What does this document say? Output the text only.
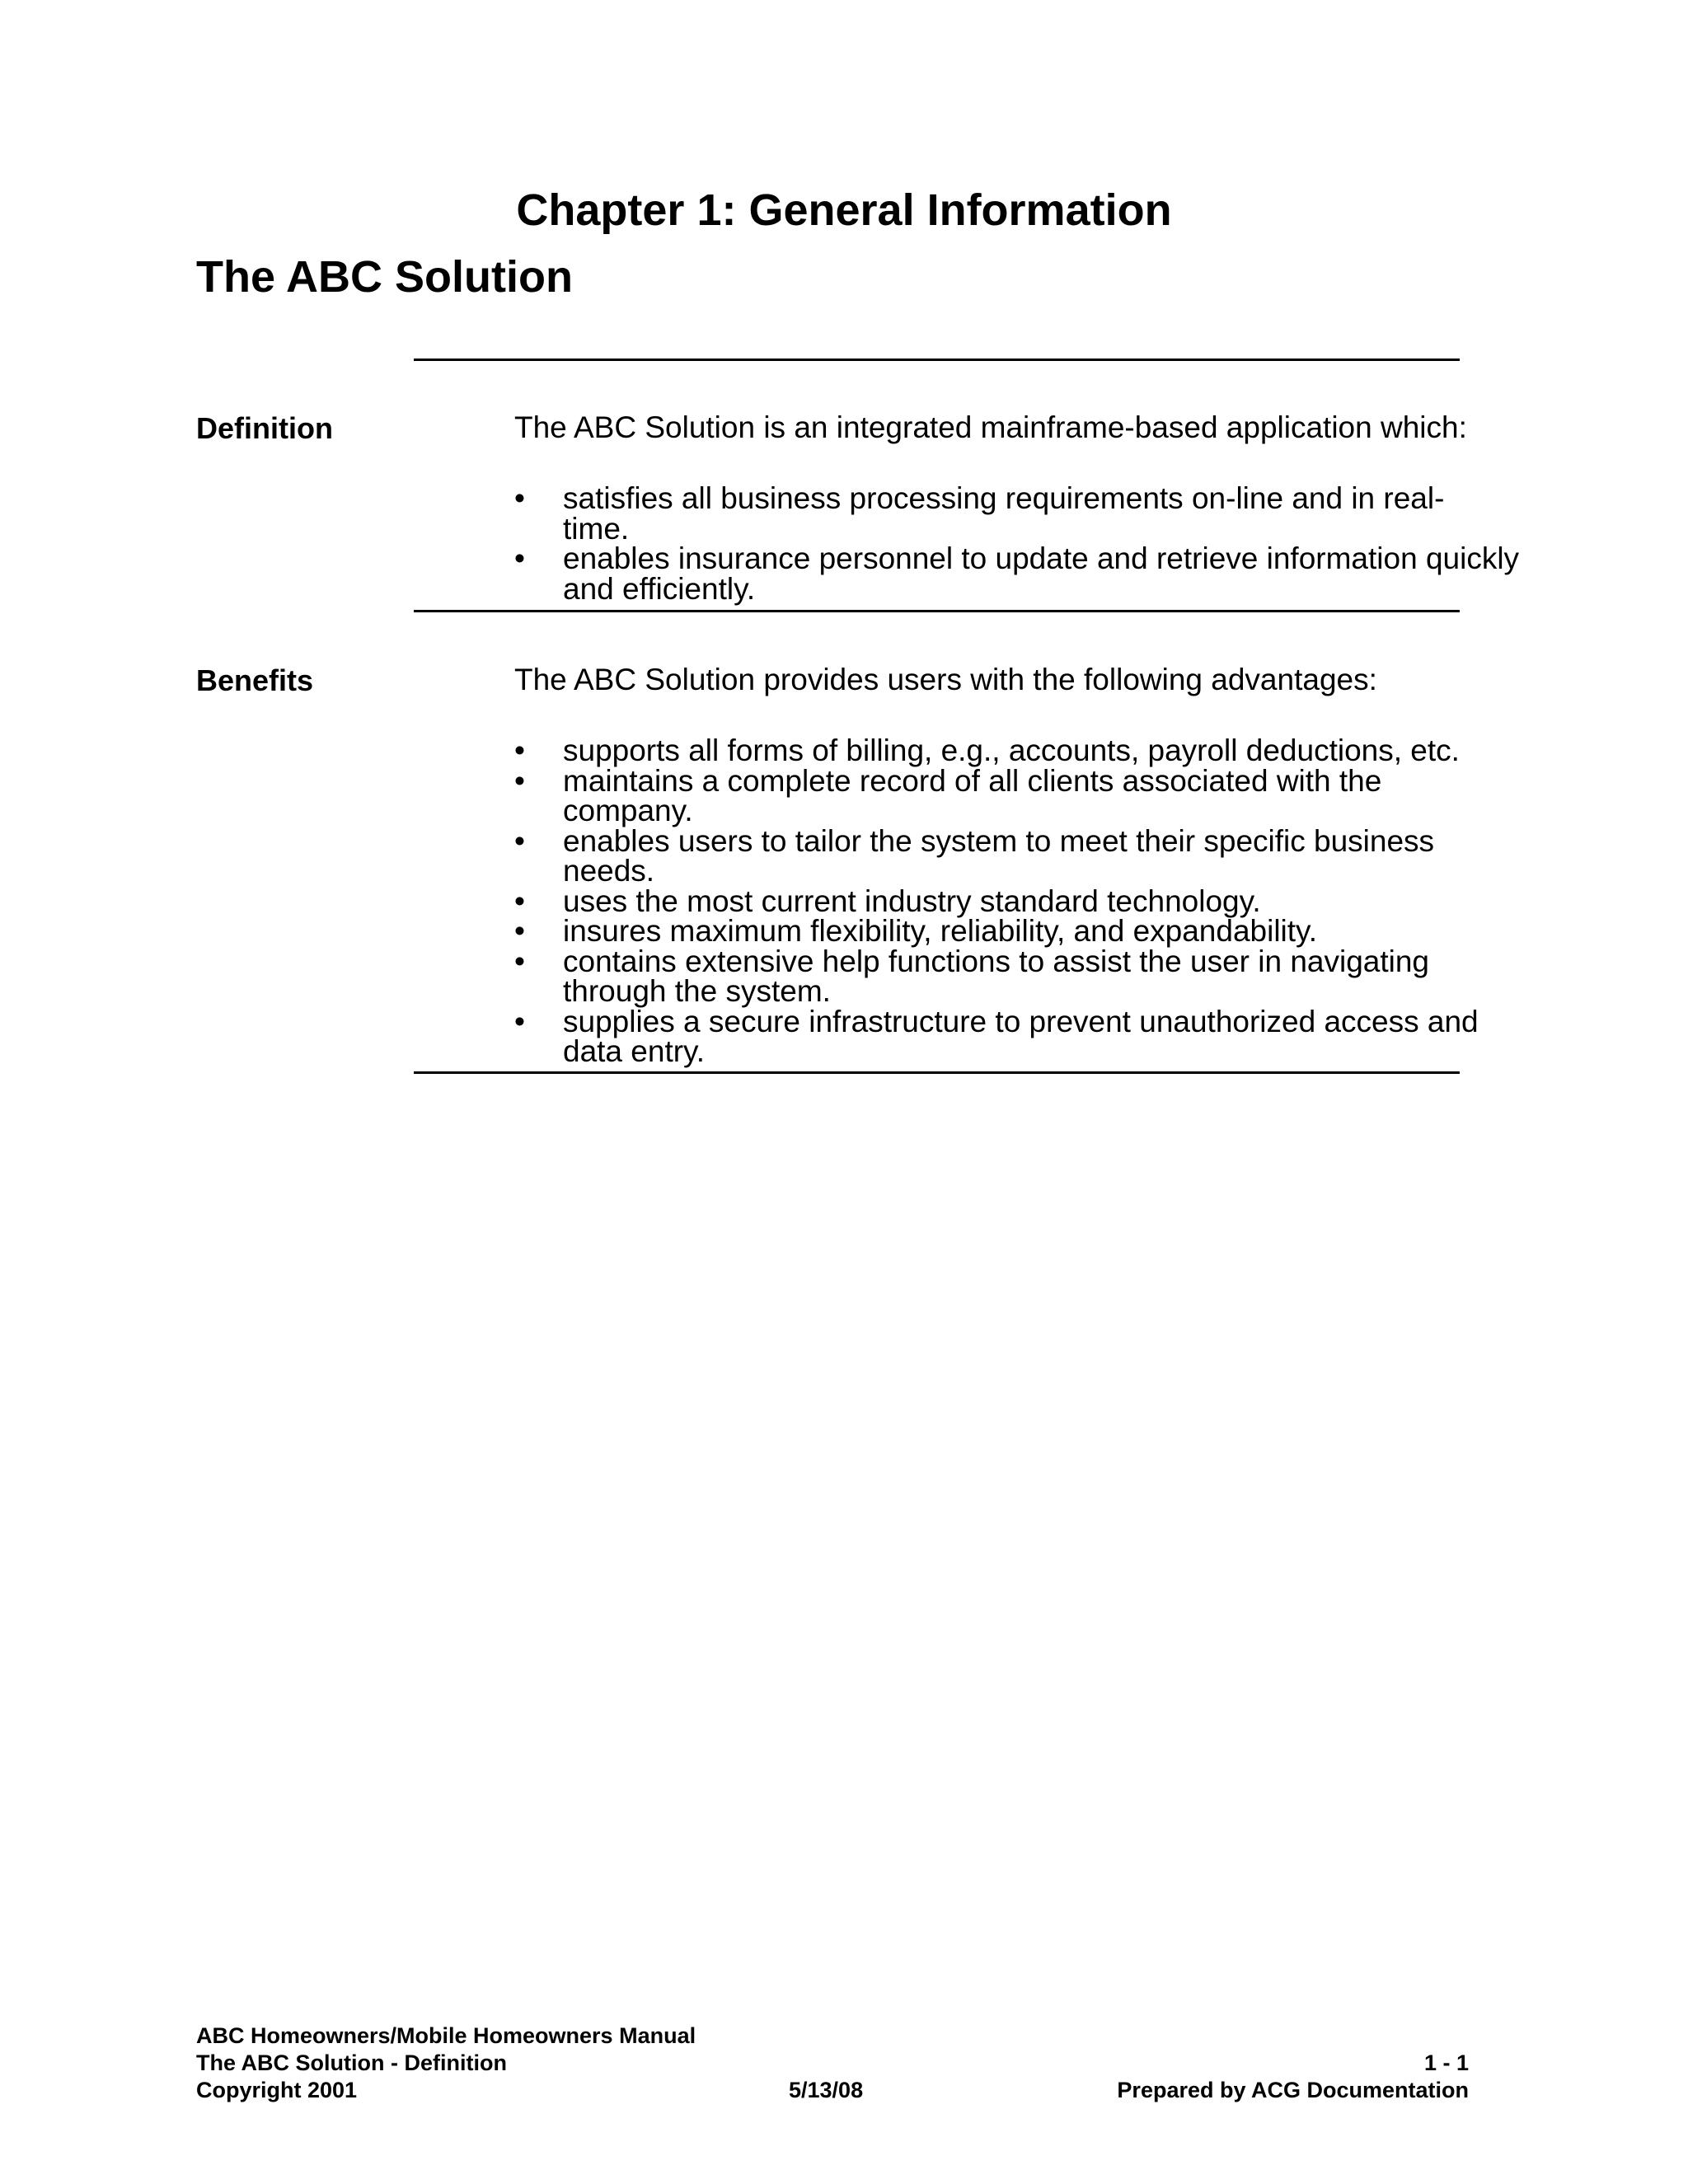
Chapter 1: General Information
The ABC Solution

Definition	The ABC Solution is an integrated mainframe-based application which:

• satisfies all business processing requirements on-line and in real-time.
• enables insurance personnel to update and retrieve information quickly and efficiently.

Benefits	The ABC Solution provides users with the following advantages:

• supports all forms of billing, e.g., accounts, payroll deductions, etc.
• maintains a complete record of all clients associated with the company.
• enables users to tailor the system to meet their specific business needs.
• uses the most current industry standard technology.
• insures maximum flexibility, reliability, and expandability.
• contains extensive help functions to assist the user in navigating through the system.
• supplies a secure infrastructure to prevent unauthorized access and data entry.
ABC Homeowners/Mobile Homeowners Manual
The ABC Solution - Definition	1 - 1
Copyright 2001	5/13/08	Prepared by ACG Documentation
